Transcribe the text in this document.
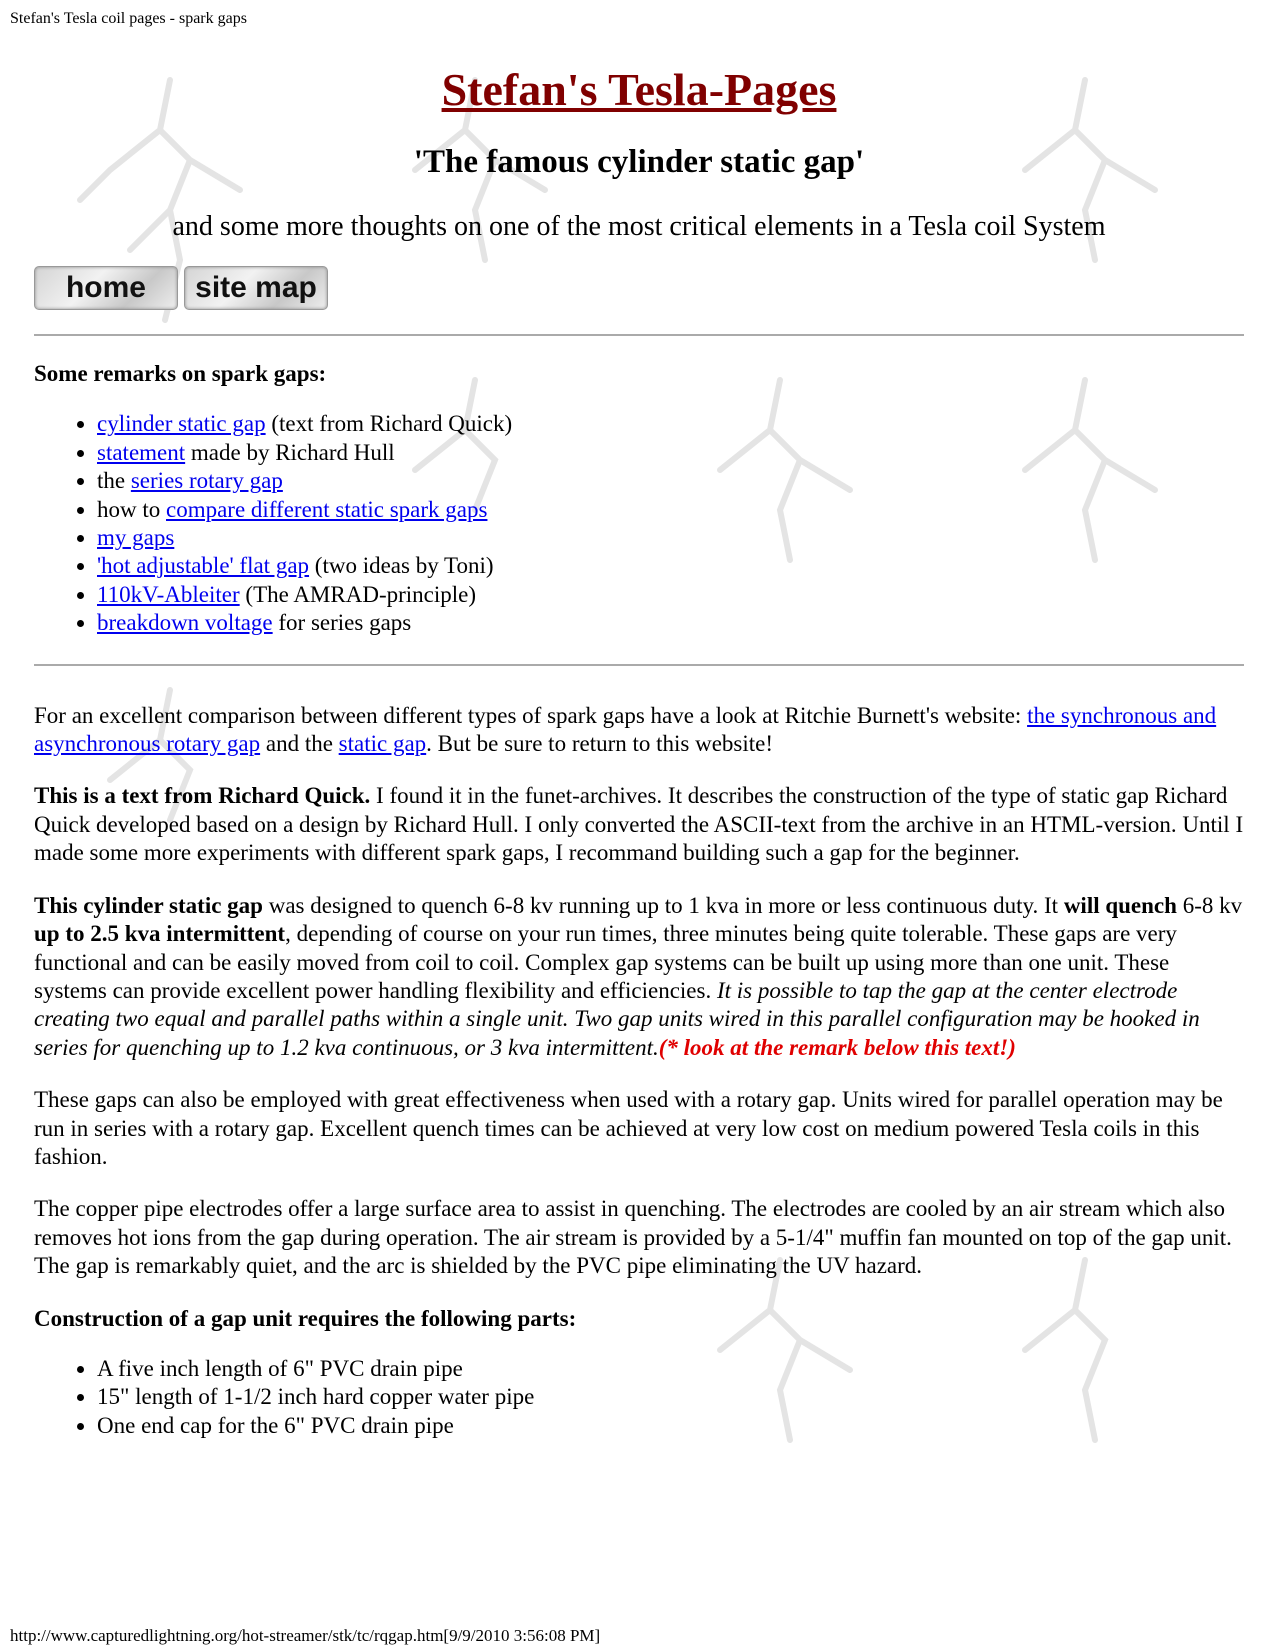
Stefan's Tesla coil pages - spark gaps
Stefan's Tesla-Pages
'The famous cylinder static gap'
and some more thoughts on one of the most critical elements in a Tesla coil System
home	site map
Some remarks on spark gaps:
• cylinder static gap (text from Richard Quick)
• statement made by Richard Hull
• the series rotary gap
• how to compare different static spark gaps
• my gaps
• 'hot adjustable' flat gap (two ideas by Toni)
• 110kV-Ableiter (The AMRAD-principle)
• breakdown voltage for series gaps

For an excellent comparison between different types of spark gaps have a look at Ritchie Burnett's website: the synchronous and asynchronous rotary gap and the static gap. But be sure to return to this website!

This is a text from Richard Quick. I found it in the funet-archives. It describes the construction of the type of static gap Richard Quick developed based on a design by Richard Hull. I only converted the ASCII-text from the archive in an HTML-version. Until I made some more experiments with different spark gaps, I recommand building such a gap for the beginner.

This cylinder static gap was designed to quench 6-8 kv running up to 1 kva in more or less continuous duty. It will quench 6-8 kv up to 2.5 kva intermittent, depending of course on your run times, three minutes being quite tolerable. These gaps are very functional and can be easily moved from coil to coil. Complex gap systems can be built up using more than one unit. These systems can provide excellent power handling flexibility and efficiencies. It is possible to tap the gap at the center electrode creating two equal and parallel paths within a single unit. Two gap units wired in this parallel configuration may be hooked in series for quenching up to 1.2 kva continuous, or 3 kva intermittent.(* look at the remark below this text!)

These gaps can also be employed with great effectiveness when used with a rotary gap. Units wired for parallel operation may be run in series with a rotary gap. Excellent quench times can be achieved at very low cost on medium powered Tesla coils in this fashion.

The copper pipe electrodes offer a large surface area to assist in quenching. The electrodes are cooled by an air stream which also removes hot ions from the gap during operation. The air stream is provided by a 5-1/4" muffin fan mounted on top of the gap unit. The gap is remarkably quiet, and the arc is shielded by the PVC pipe eliminating the UV hazard.

Construction of a gap unit requires the following parts:
• A five inch length of 6" PVC drain pipe
• 15" length of 1-1/2 inch hard copper water pipe
• One end cap for the 6" PVC drain pipe
http://www.capturedlightning.org/hot-streamer/stk/tc/rqgap.htm[9/9/2010 3:56:08 PM]
